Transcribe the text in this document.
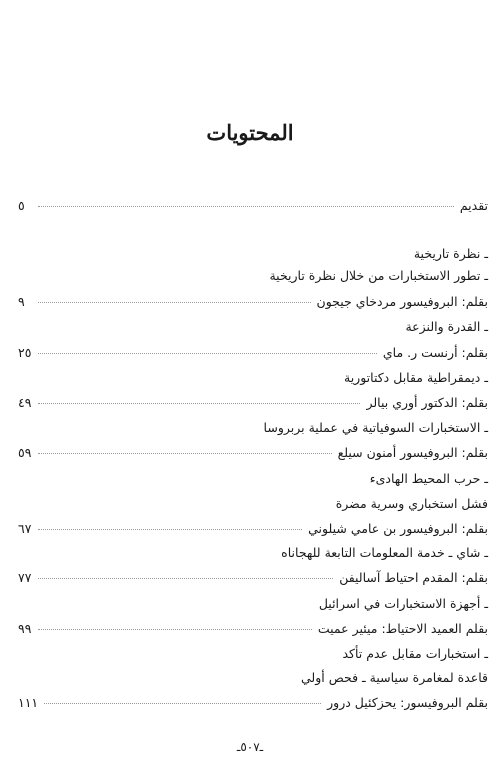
المحتويات
تقديم
٥
ـ نظرة تاريخية
ـ تطور الاستخبارات من خلال نظرة تاريخية
بقلم: البروفيسور مردخاي جيجون
٩
ـ القدرة والنزعة
بقلم: أرنست ر. ماي
٢٥
ـ ديمقراطية مقابل دكتاتورية
بقلم: الدكتور أوري بيالر
٤٩
ـ الاستخبارات السوفياتية في عملية بربروسا
بقلم: البروفيسور أمنون سيلع
٥٩
ـ حرب المحيط الهادىء
فشل استخباري وسرية مضرة
بقلم: البروفيسور بن عامي شيلوني
٦٧
ـ شاي ـ خدمة المعلومات التابعة للهجاناه
بقلم: المقدم احتياط آساليفن
٧٧
ـ أجهزة الاستخبارات في اسرائيل
بقلم العميد الاحتياط: ميئير عميت
٩٩
ـ استخبارات مقابل عدم تأكد
قاعدة لمغامرة سياسية ـ فحص أولي
بقلم البروفيسور: يحزكئيل درور
١١١
ـ٥٠٧ـ
